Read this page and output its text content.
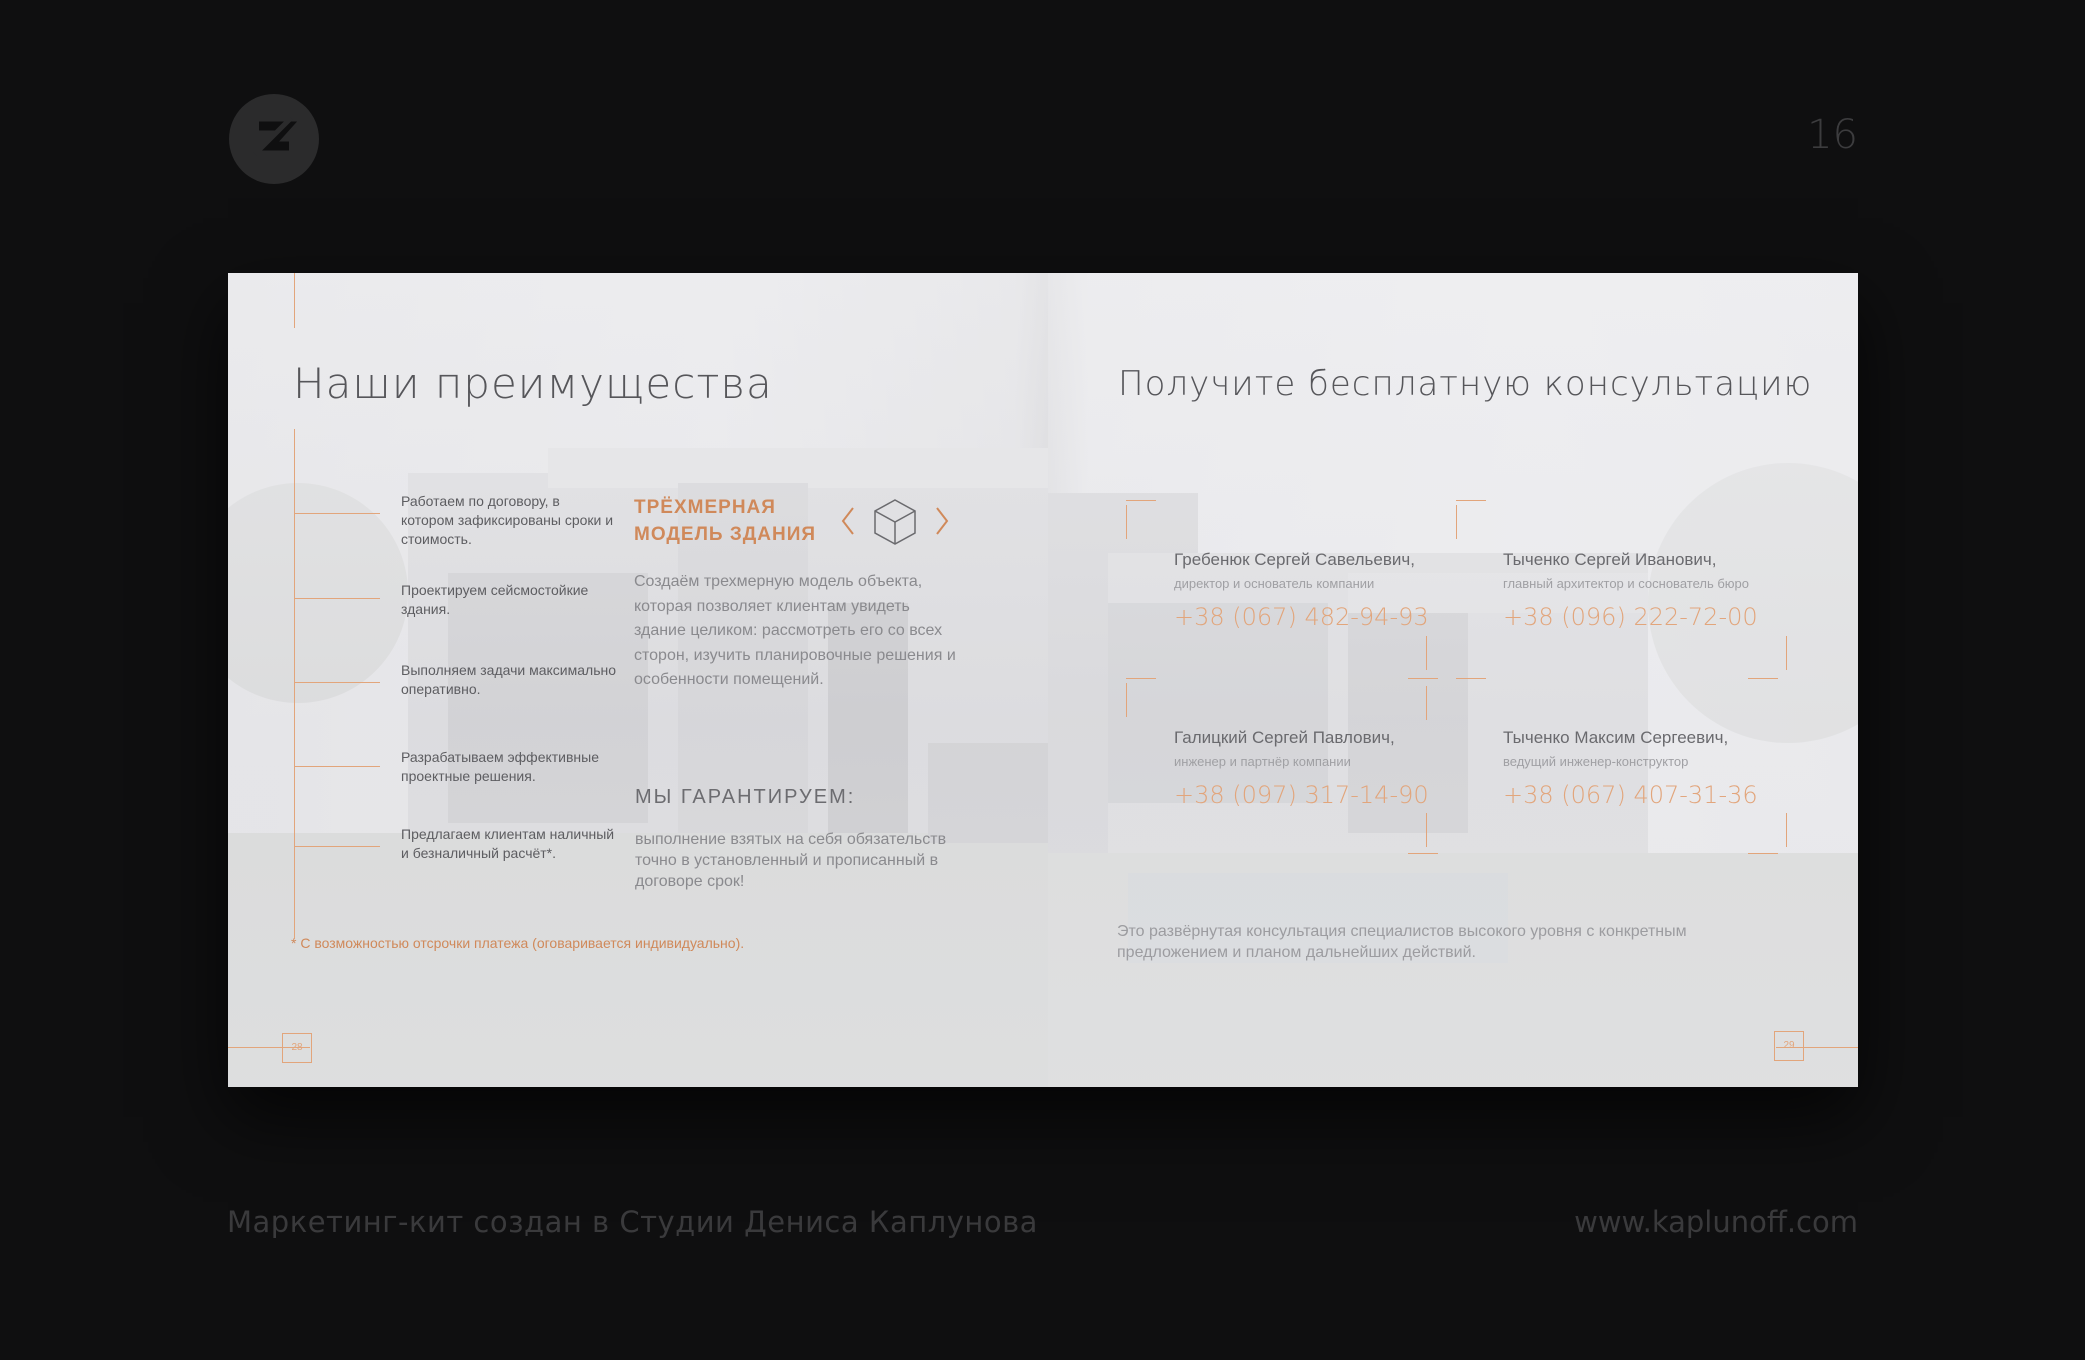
16
Наши преимущества
Работаем по договору, в котором зафиксированы сроки и стоимость.
Проектируем сейсмостойкие здания.
Выполняем задачи максимально оперативно.
Разрабатываем эффективные проектные решения.
Предлагаем клиентам наличный и безналичный расчёт*.
ТРЁХМЕРНАЯ
МОДЕЛЬ ЗДАНИЯ
Создаём трехмерную модель объекта, которая позволяет клиентам увидеть здание целиком: рассмотреть его со всех сторон, изучить планировочные решения и особенности помещений.
МЫ ГАРАНТИРУЕМ:
выполнение взятых на себя обязательств точно в установленный и прописанный в договоре срок!
* С возможностью отсрочки платежа (оговаривается индивидуально).
28
Получите бесплатную консультацию
Гребенюк Сергей Савельевич,
директор и основатель компании
+38 (067) 482-94-93
Тыченко Сергей Иванович,
главный архитектор и соснователь бюро
+38 (096) 222-72-00
Галицкий Сергей Павлович,
инженер и партнёр компании
+38 (097) 317-14-90
Тыченко Максим Сергеевич,
ведущий инженер-конструктор
+38 (067) 407-31-36
Это развёрнутая консультация специалистов высокого уровня с конкретным предложением и планом дальнейших действий.
29
Маркетинг-кит создан в Студии Дениса Каплунова	www.kaplunoff.com
